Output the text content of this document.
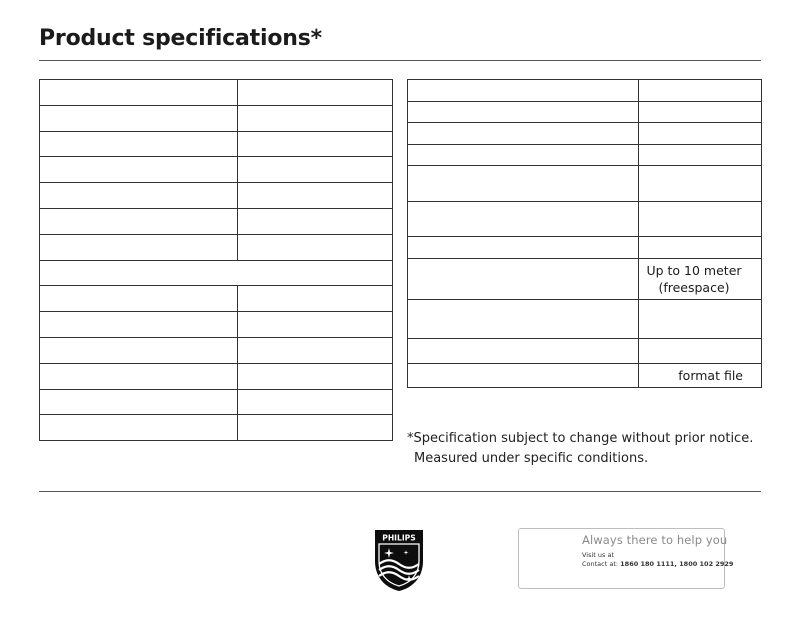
Product specifications*

	Up to 10 meter
(freespace)

	format file
*Specification subject to change without prior notice.
Measured under specific conditions.
PHILIPS	Always there to help you
Visit us at
Contact at: 1860 180 1111, 1800 102 2929
